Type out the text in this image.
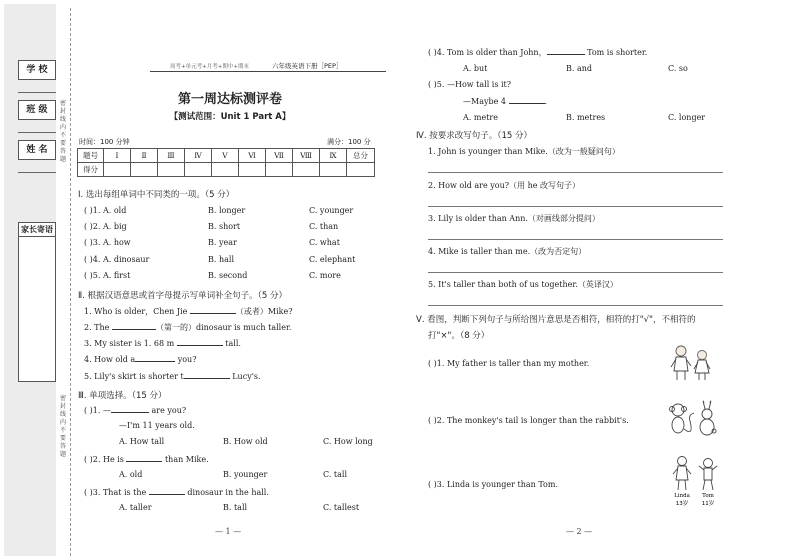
学 校
班 级
姓 名
家长寄语
密封线内不要答题
密封线内不要答题
周考+单元考+月考+期中+期末	六年级英语下册［PEP］
第一周达标测评卷
【测试范围：Unit 1 Part A】
时间：100 分钟	满分：100 分
题号	Ⅰ	Ⅱ	Ⅲ	Ⅳ	Ⅴ	Ⅵ	Ⅶ	Ⅷ	Ⅸ	总分
得分										
Ⅰ. 选出每组单词中不同类的一项。（5 分）
( )1. A. old	B. longer	C. younger
( )2. A. big	B. short	C. than
( )3. A. how	B. year	C. what
( )4. A. dinosaur	B. hall	C. elephant
( )5. A. first	B. second	C. more
Ⅱ. 根据汉语意思或首字母提示写单词补全句子。（5 分）
1. Who is older，Chen Jie	（或者）Mike?
2. The	（第一的）dinosaur is much taller.
3. My sister is 1. 68 m	tall.
4. How old a	you?
5. Lily's skirt is shorter t	Lucy's.
Ⅲ. 单项选择。（15 分）
( )1. —	are you?
—I'm 11 years old.
A. How tall	B. How old	C. How long
( )2. He is	than Mike.
A. old	B. younger	C. tall
( )3. That is the	dinosaur in the hall.
A. taller	B. tall	C. tallest
— 1 —
( )4. Tom is older than John，	Tom is shorter.
A. but	B. and	C. so
( )5. —How tall is it?
—Maybe 4	.
A. metre	B. metres	C. longer
Ⅳ. 按要求改写句子。（15 分）
1. John is younger than Mike.（改为一般疑问句）
2. How old are you?（用 he 改写句子）
3. Lily is older than Ann.（对画线部分提问）
4. Mike is taller than me.（改为否定句）
5. It's taller than both of us together.（英译汉）
Ⅴ. 看图，判断下列句子与所给图片意思是否相符，相符的打"√"，不相符的
打"×"。（8 分）
( )1. My father is taller than my mother.
( )2. The monkey's tail is longer than the rabbit's.
( )3. Linda is younger than Tom.
Linda Tom
13岁 11岁
— 2 —
